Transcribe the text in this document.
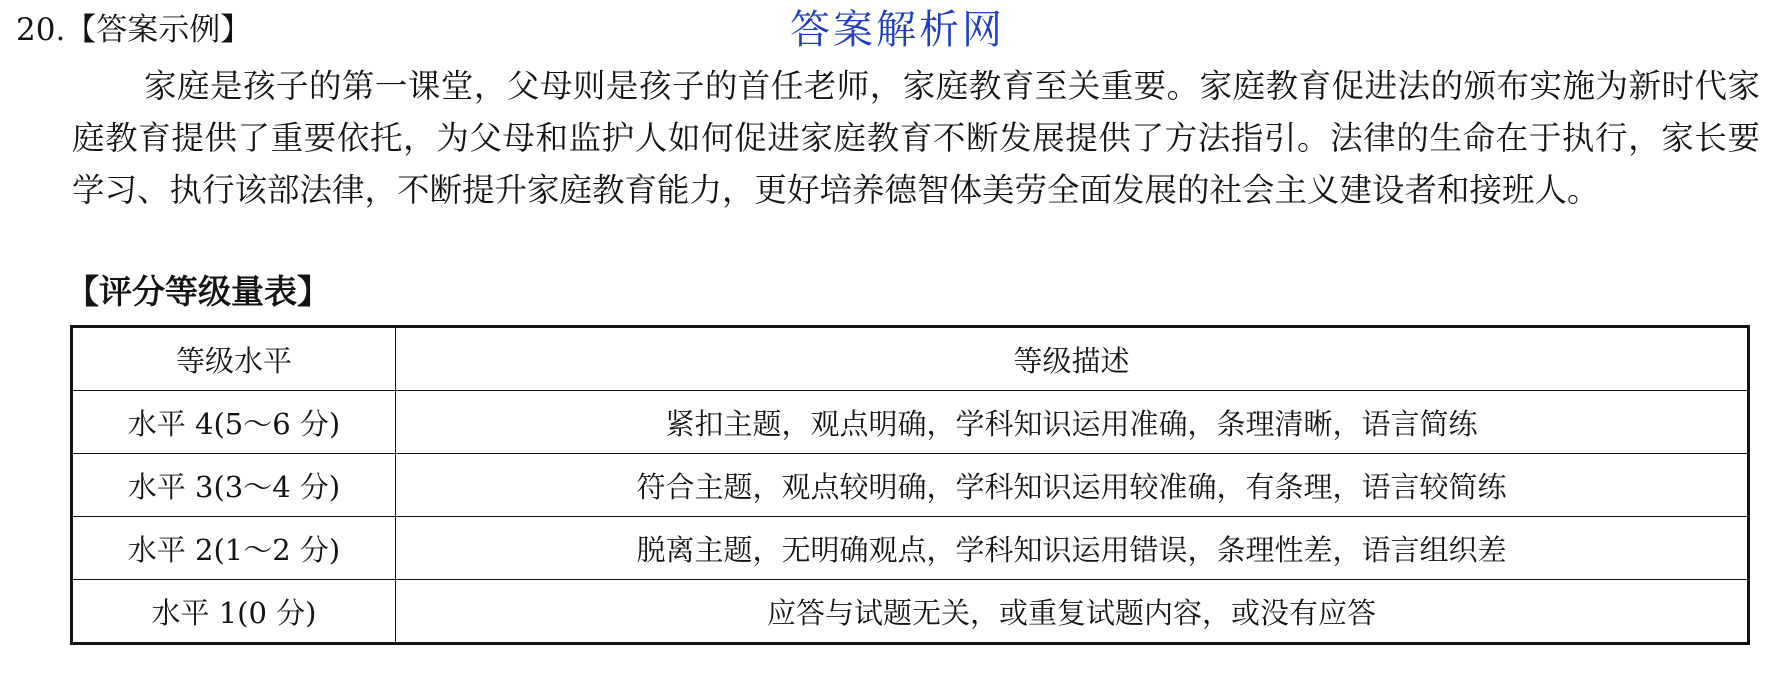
20.【答案示例】	答案解析网

家庭是孩子的第一课堂，父母则是孩子的首任老师，家庭教育至关重要。家庭教育促进法的颁布实施为新时代家庭教育提供了重要依托，为父母和监护人如何促进家庭教育不断发展提供了方法指引。法律的生命在于执行，家长要学习、执行该部法律，不断提升家庭教育能力，更好培养德智体美劳全面发展的社会主义建设者和接班人。

【评分等级量表】
等级水平	等级描述
水平 4(5～6 分)	紧扣主题，观点明确，学科知识运用准确，条理清晰，语言简练
水平 3(3～4 分)	符合主题，观点较明确，学科知识运用较准确，有条理，语言较简练
水平 2(1～2 分)	脱离主题，无明确观点，学科知识运用错误，条理性差，语言组织差
水平 1(0 分)	应答与试题无关，或重复试题内容，或没有应答
